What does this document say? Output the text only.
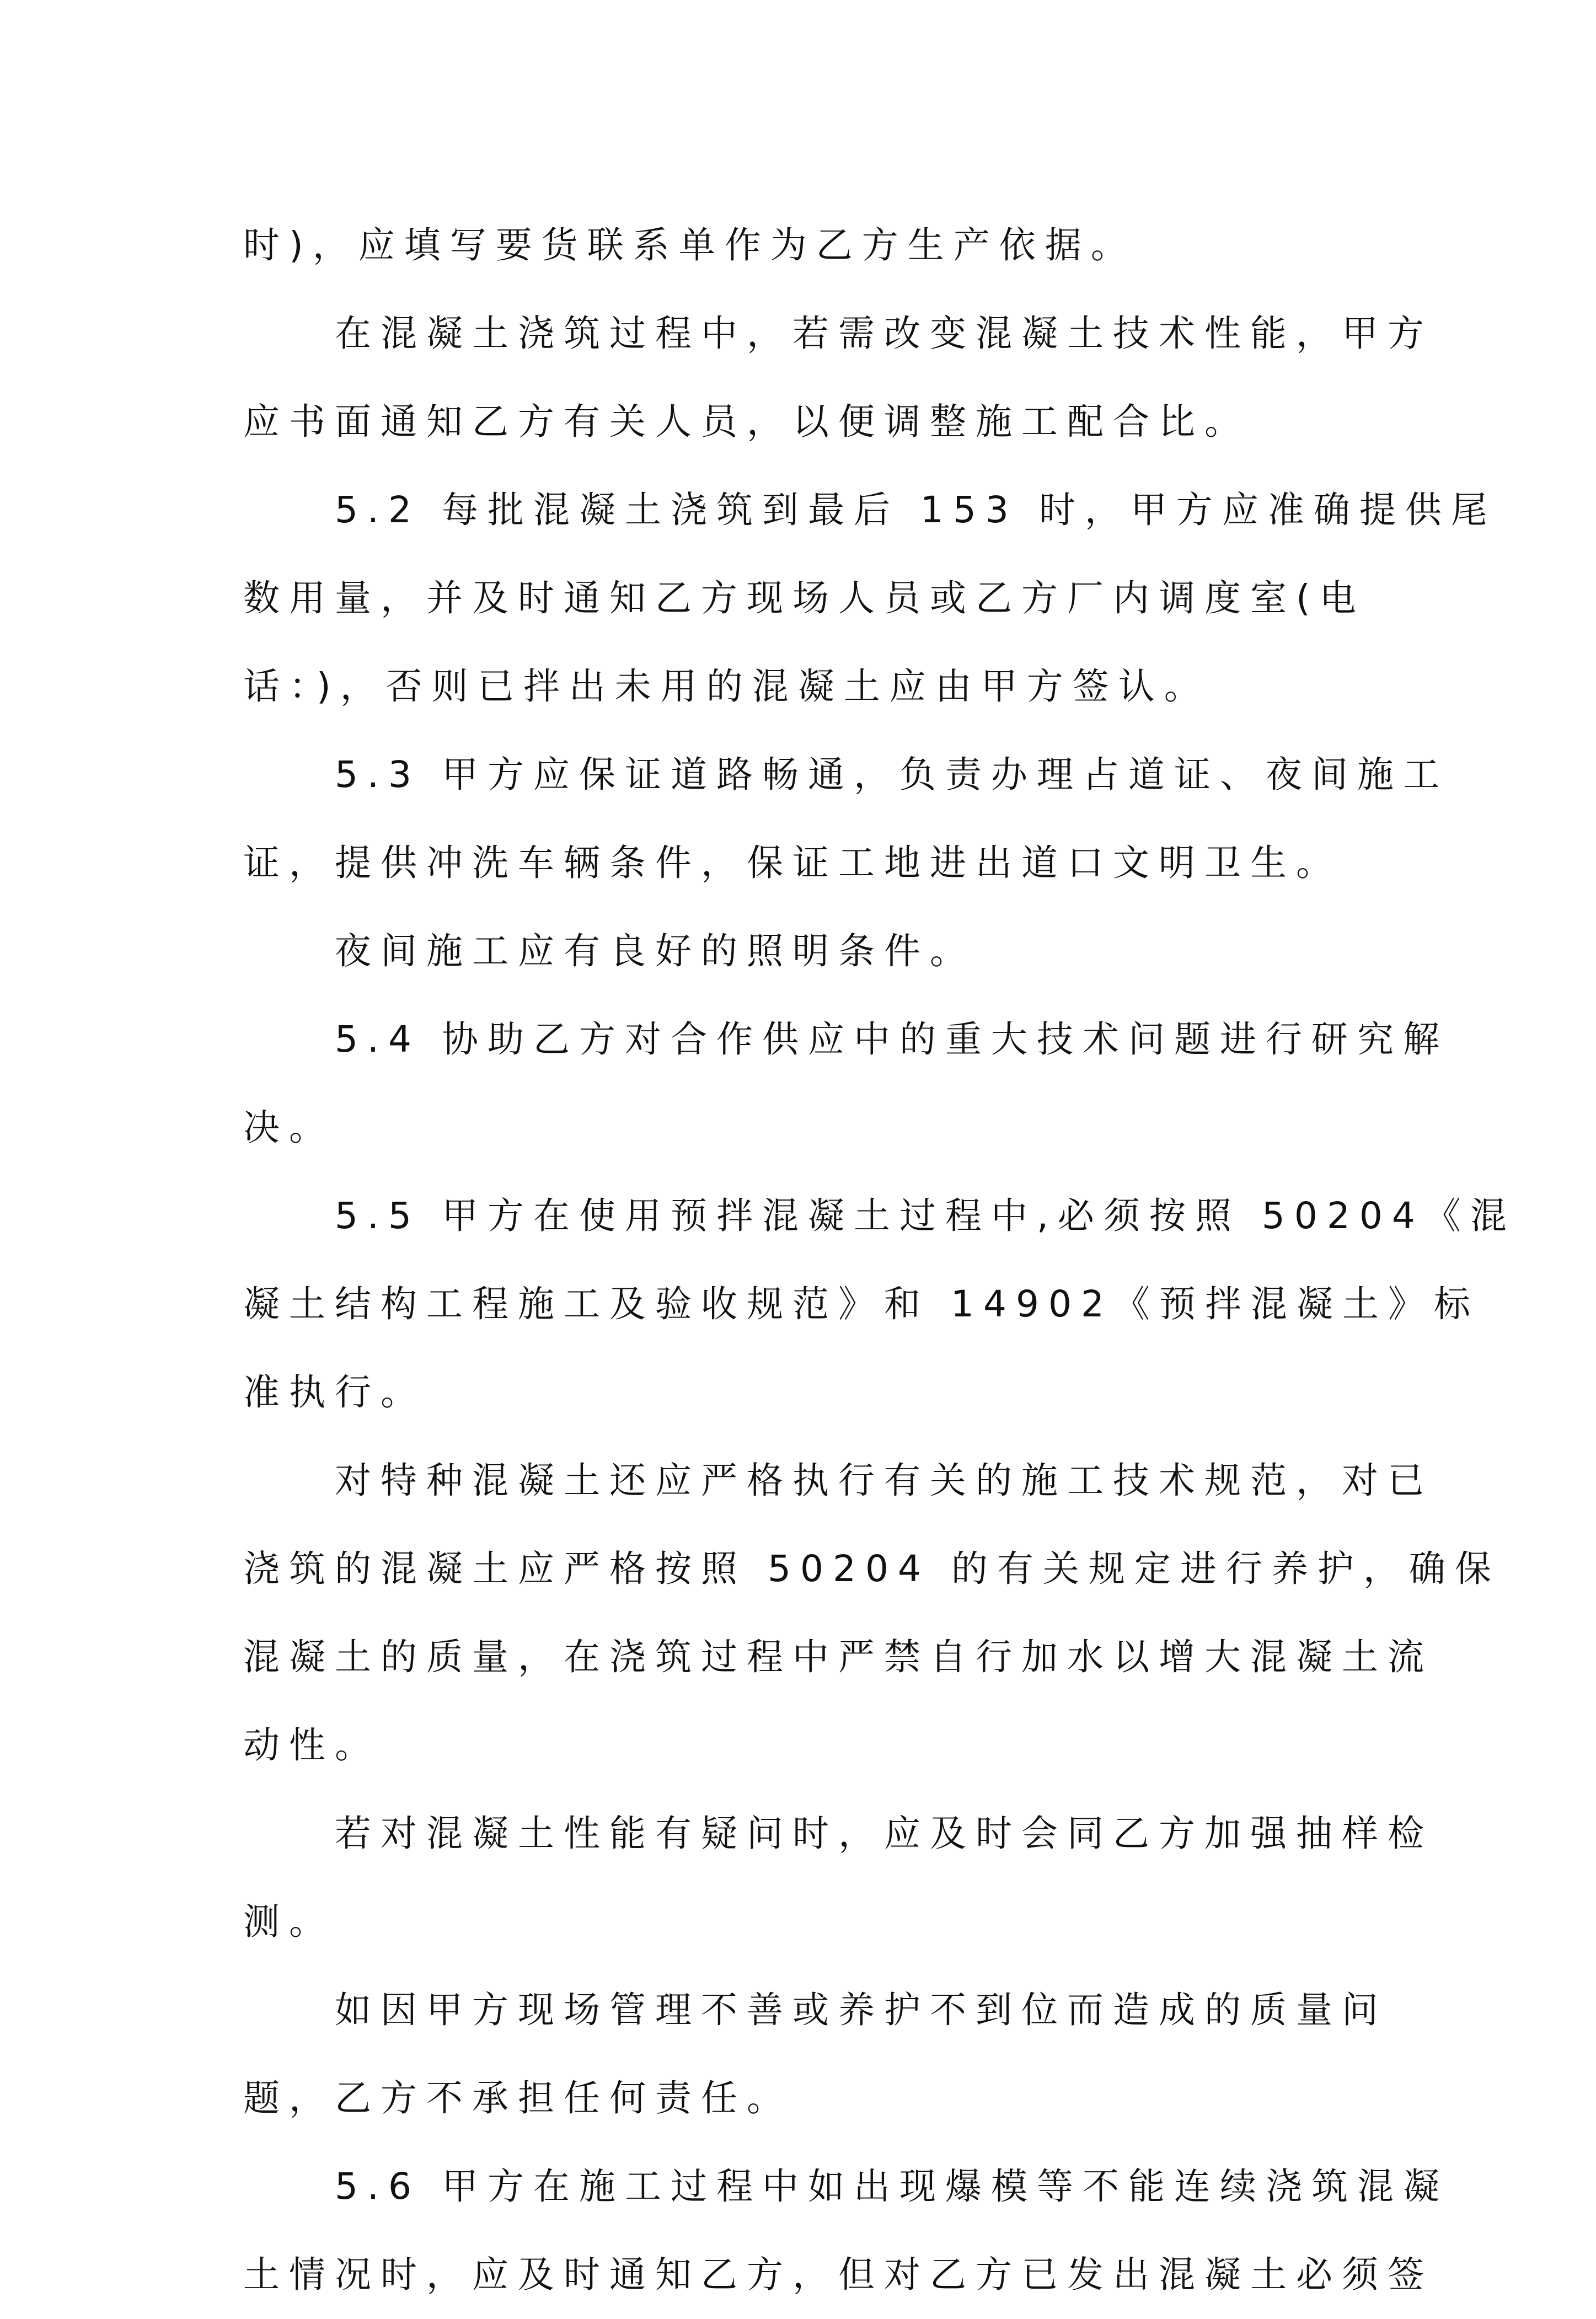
时)，应填写要货联系单作为乙方生产依据。
在混凝土浇筑过程中，若需改变混凝土技术性能，甲方
应书面通知乙方有关人员，以便调整施工配合比。
5.2 每批混凝土浇筑到最后 153 时，甲方应准确提供尾
数用量，并及时通知乙方现场人员或乙方厂内调度室(电
话：)，否则已拌出未用的混凝土应由甲方签认。
5.3 甲方应保证道路畅通，负责办理占道证、夜间施工
证，提供冲洗车辆条件，保证工地进出道口文明卫生。
夜间施工应有良好的照明条件。
5.4 协助乙方对合作供应中的重大技术问题进行研究解
决。
5.5 甲方在使用预拌混凝土过程中,必须按照 50204《混
凝土结构工程施工及验收规范》和 14902《预拌混凝土》标
准执行。
对特种混凝土还应严格执行有关的施工技术规范，对已
浇筑的混凝土应严格按照 50204 的有关规定进行养护，确保
混凝土的质量，在浇筑过程中严禁自行加水以增大混凝土流
动性。
若对混凝土性能有疑问时，应及时会同乙方加强抽样检
测。
如因甲方现场管理不善或养护不到位而造成的质量问
题，乙方不承担任何责任。
5.6 甲方在施工过程中如出现爆模等不能连续浇筑混凝
土情况时，应及时通知乙方，但对乙方已发出混凝土必须签
